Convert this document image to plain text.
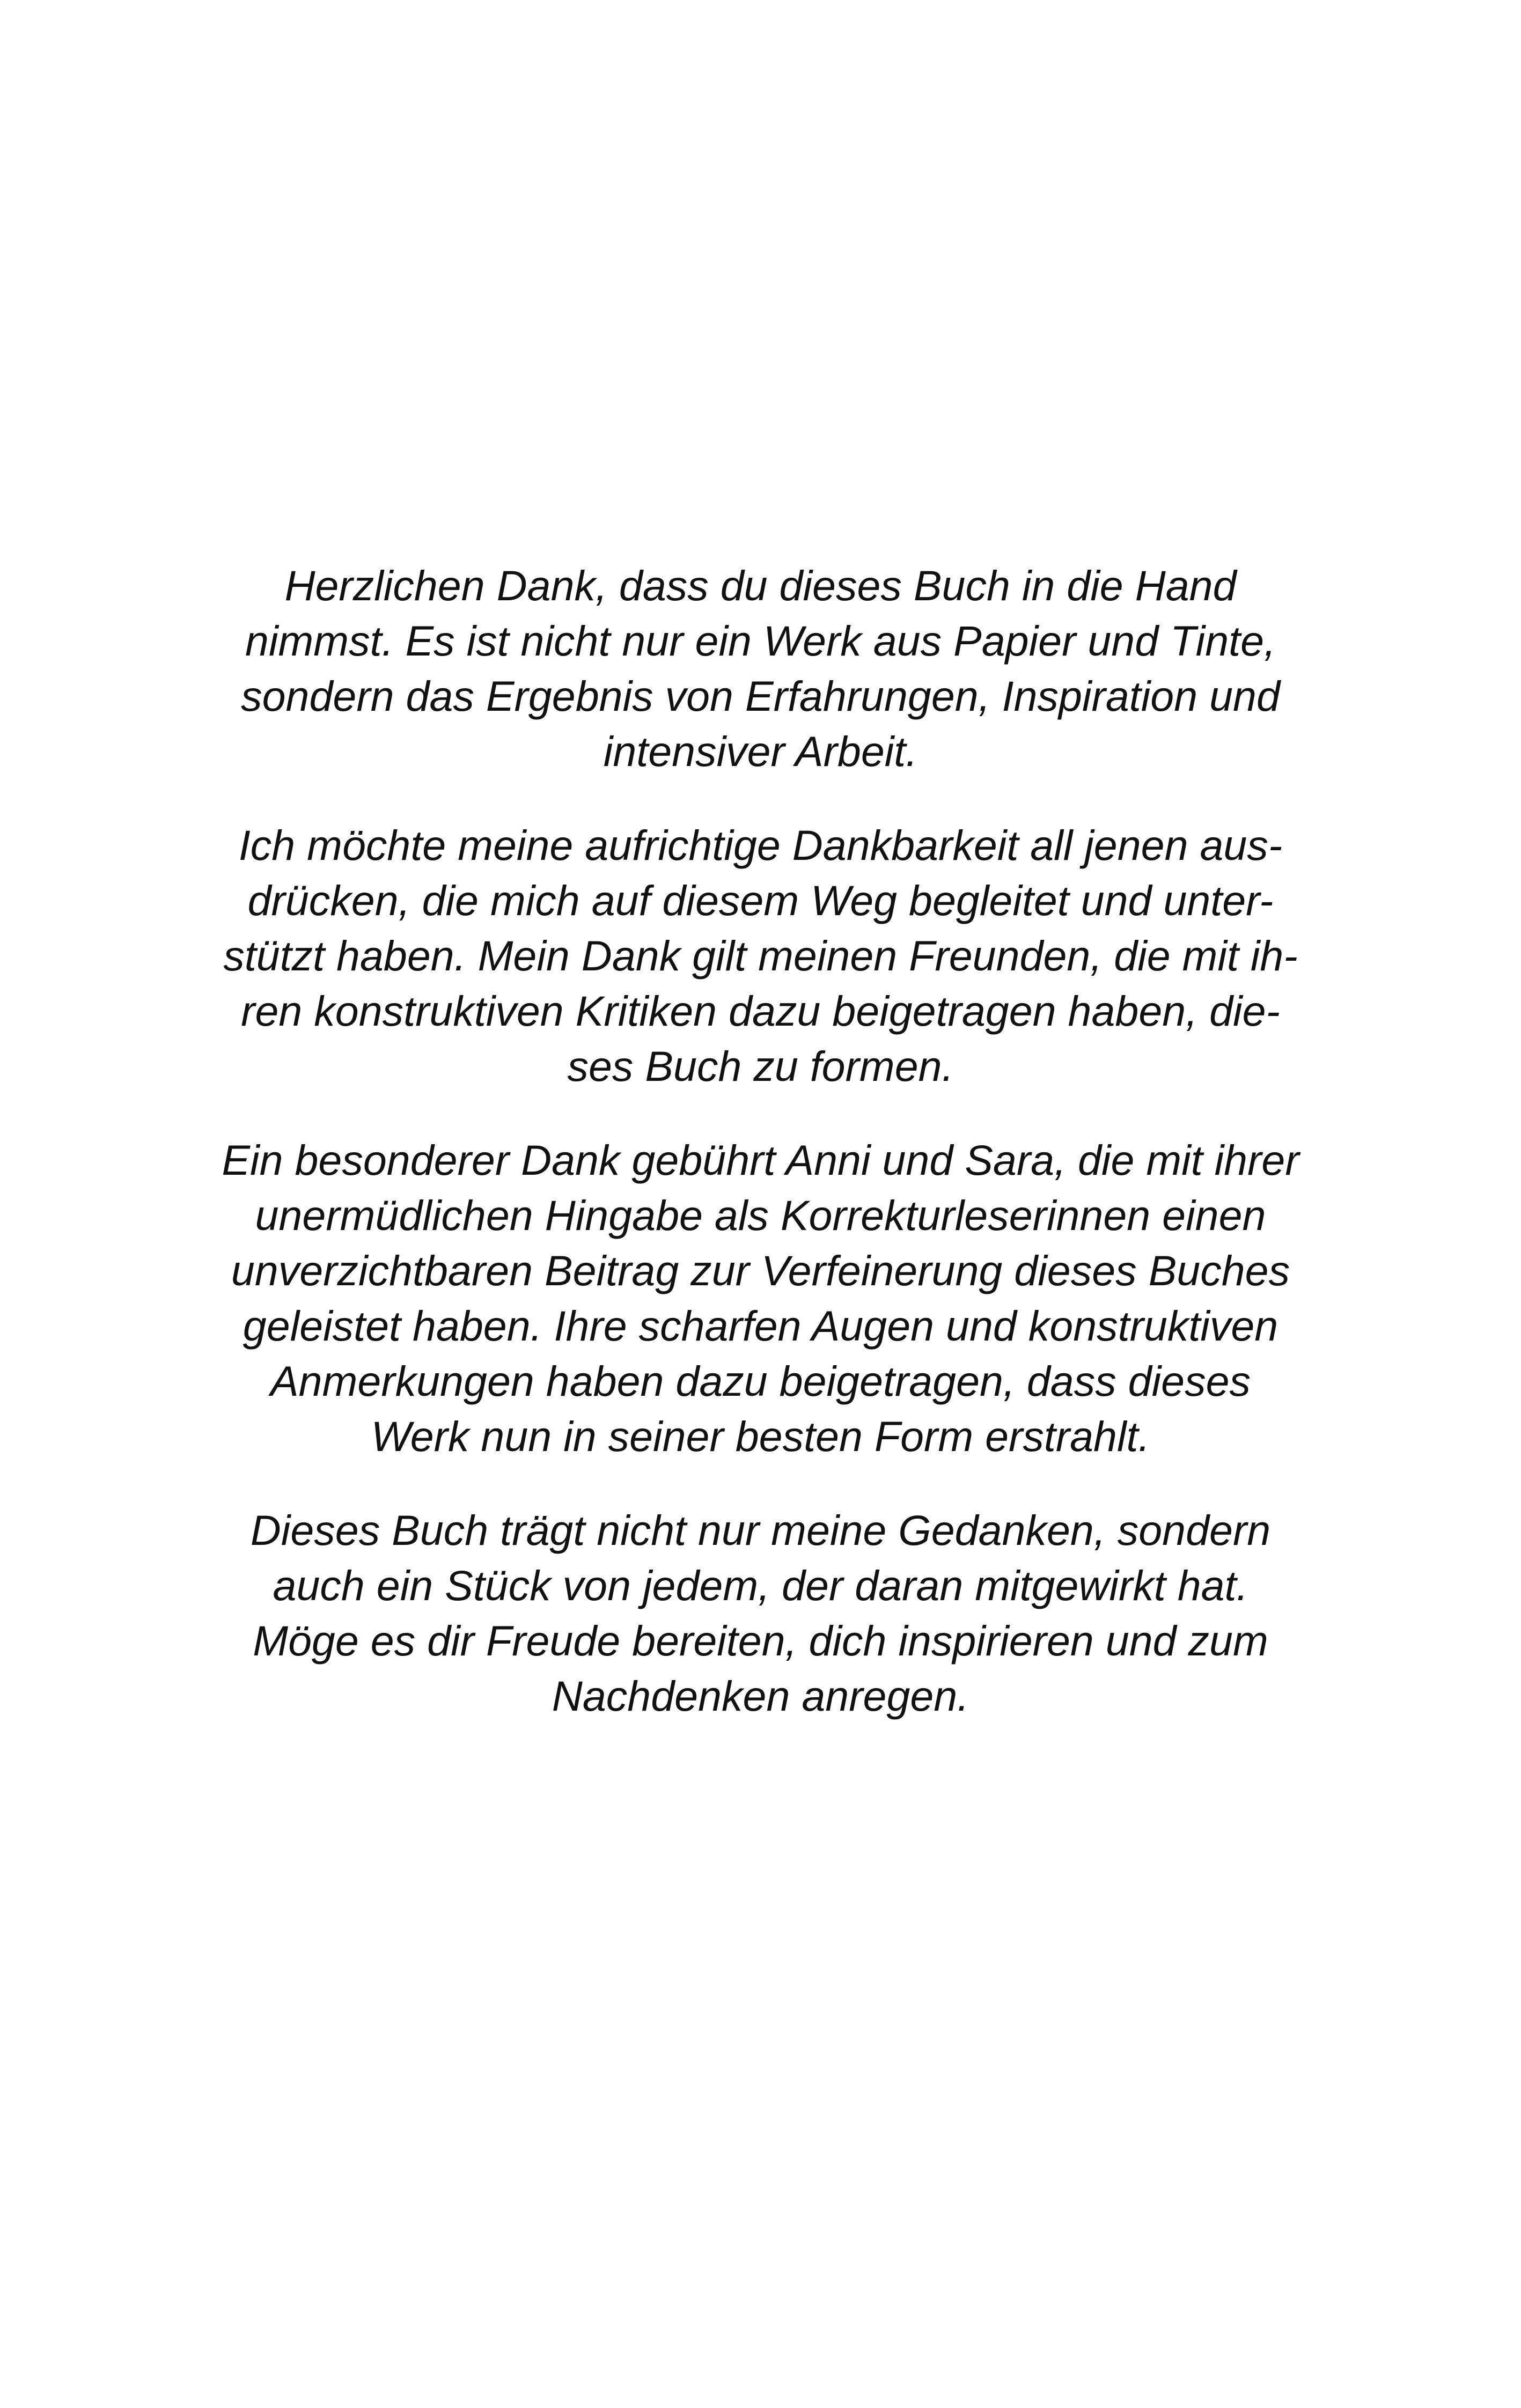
Herzlichen Dank, dass du dieses Buch in die Hand
nimmst. Es ist nicht nur ein Werk aus Papier und Tinte,
sondern das Ergebnis von Erfahrungen, Inspiration und
intensiver Arbeit.

Ich möchte meine aufrichtige Dankbarkeit all jenen aus-
drücken, die mich auf diesem Weg begleitet und unter-
stützt haben. Mein Dank gilt meinen Freunden, die mit ih-
ren konstruktiven Kritiken dazu beigetragen haben, die-
ses Buch zu formen.

Ein besonderer Dank gebührt Anni und Sara, die mit ihrer
unermüdlichen Hingabe als Korrekturleserinnen einen
unverzichtbaren Beitrag zur Verfeinerung dieses Buches
geleistet haben. Ihre scharfen Augen und konstruktiven
Anmerkungen haben dazu beigetragen, dass dieses
Werk nun in seiner besten Form erstrahlt.

Dieses Buch trägt nicht nur meine Gedanken, sondern
auch ein Stück von jedem, der daran mitgewirkt hat.
Möge es dir Freude bereiten, dich inspirieren und zum
Nachdenken anregen.
